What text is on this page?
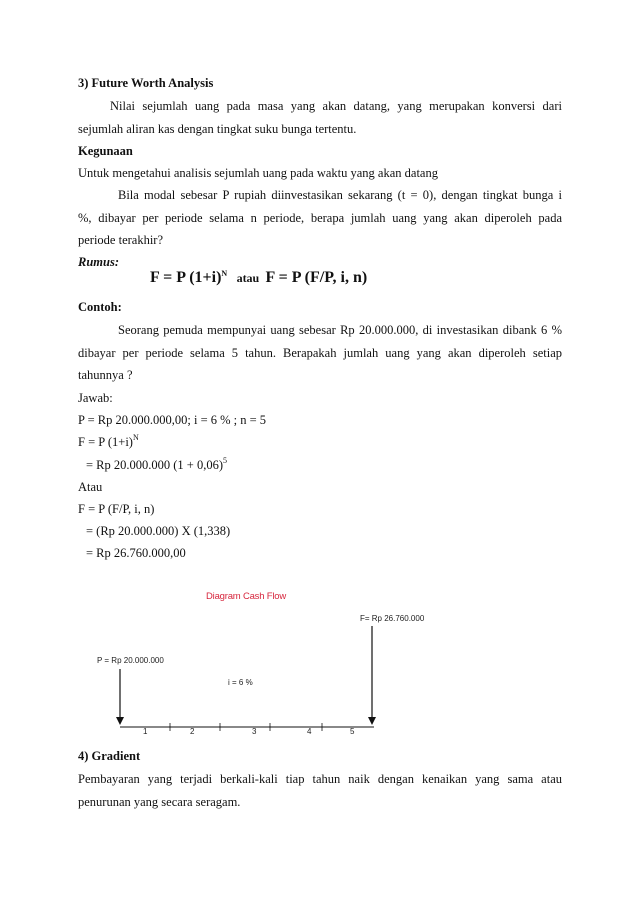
3) Future Worth Analysis
Nilai sejumlah uang pada masa yang akan datang, yang merupakan konversi dari
sejumlah aliran kas dengan tingkat suku bunga tertentu.
Kegunaan
Untuk mengetahui analisis sejumlah uang pada waktu yang akan datang
Bila modal sebesar P rupiah diinvestasikan sekarang (t = 0), dengan tingkat bunga i
%, dibayar per periode selama n periode, berapa jumlah uang yang akan diperoleh pada
periode terakhir?
Rumus:
F = P $(1+i)^N$ atau F = P (F/P, i, n)
Contoh:
Seorang pemuda mempunyai uang sebesar Rp 20.000.000, di investasikan dibank 6 %
dibayar per periode selama 5 tahun. Berapakah jumlah uang yang akan diperoleh setiap
tahunnya ?
Jawab:
P = Rp 20.000.000,00; i = 6 % ; n = 5
F = P $(1+i)^N$
= Rp 20.000.000 $(1 + 0,06)^5$
Atau
F = P (F/P, i, n)
= (Rp 20.000.000) X (1,338)
= Rp 26.760.000,00
Diagram Cash Flow
F= Rp 26.760.000
P = Rp 20.000.000
i = 6 %
1	2	3	4	5
4) Gradient
Pembayaran yang terjadi berkali-kali tiap tahun naik dengan kenaikan yang sama atau
penurunan yang secara seragam.
